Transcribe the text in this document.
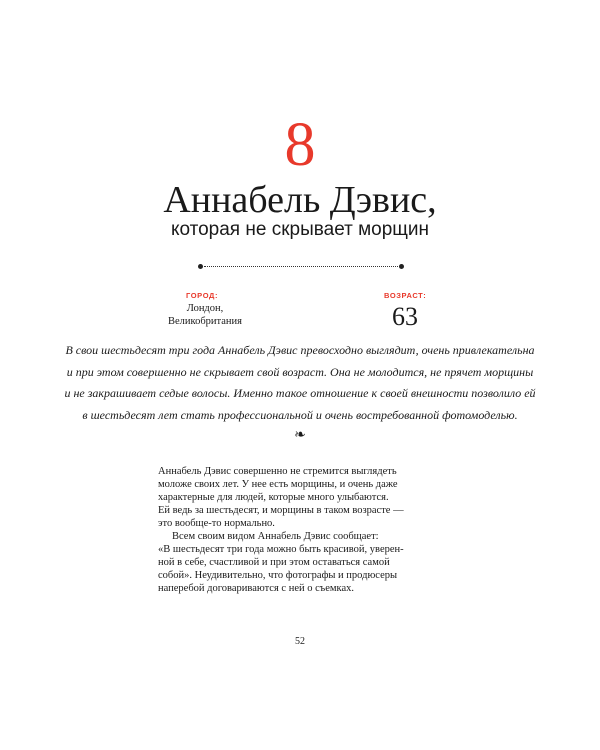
8
Аннабель Дэвис,
которая не скрывает морщин
ГОРОД:
Лондон,
Великобритания
ВОЗРАСТ:
63
В свои шестьдесят три года Аннабель Дэвис превосходно выглядит, очень привлекательна
и при этом совершенно не скрывает свой возраст. Она не молодится, не прячет морщины
и не закрашивает седые волосы. Именно такое отношение к своей внешности позволило ей
в шестьдесят лет стать профессиональной и очень востребованной фотомоделью.
❧

Аннабель Дэвис совершенно не стремится выглядеть
моложе своих лет. У нее есть морщины, и очень даже
характерные для людей, которые много улыбаются.
Ей ведь за шестьдесят, и морщины в таком возрасте —
это вообще-то нормально.

Всем своим видом Аннабель Дэвис сообщает:
«В шестьдесят три года можно быть красивой, уверен-
ной в себе, счастливой и при этом оставаться самой
собой». Неудивительно, что фотографы и продюсеры
наперебой договариваются с ней о съемках.

52
